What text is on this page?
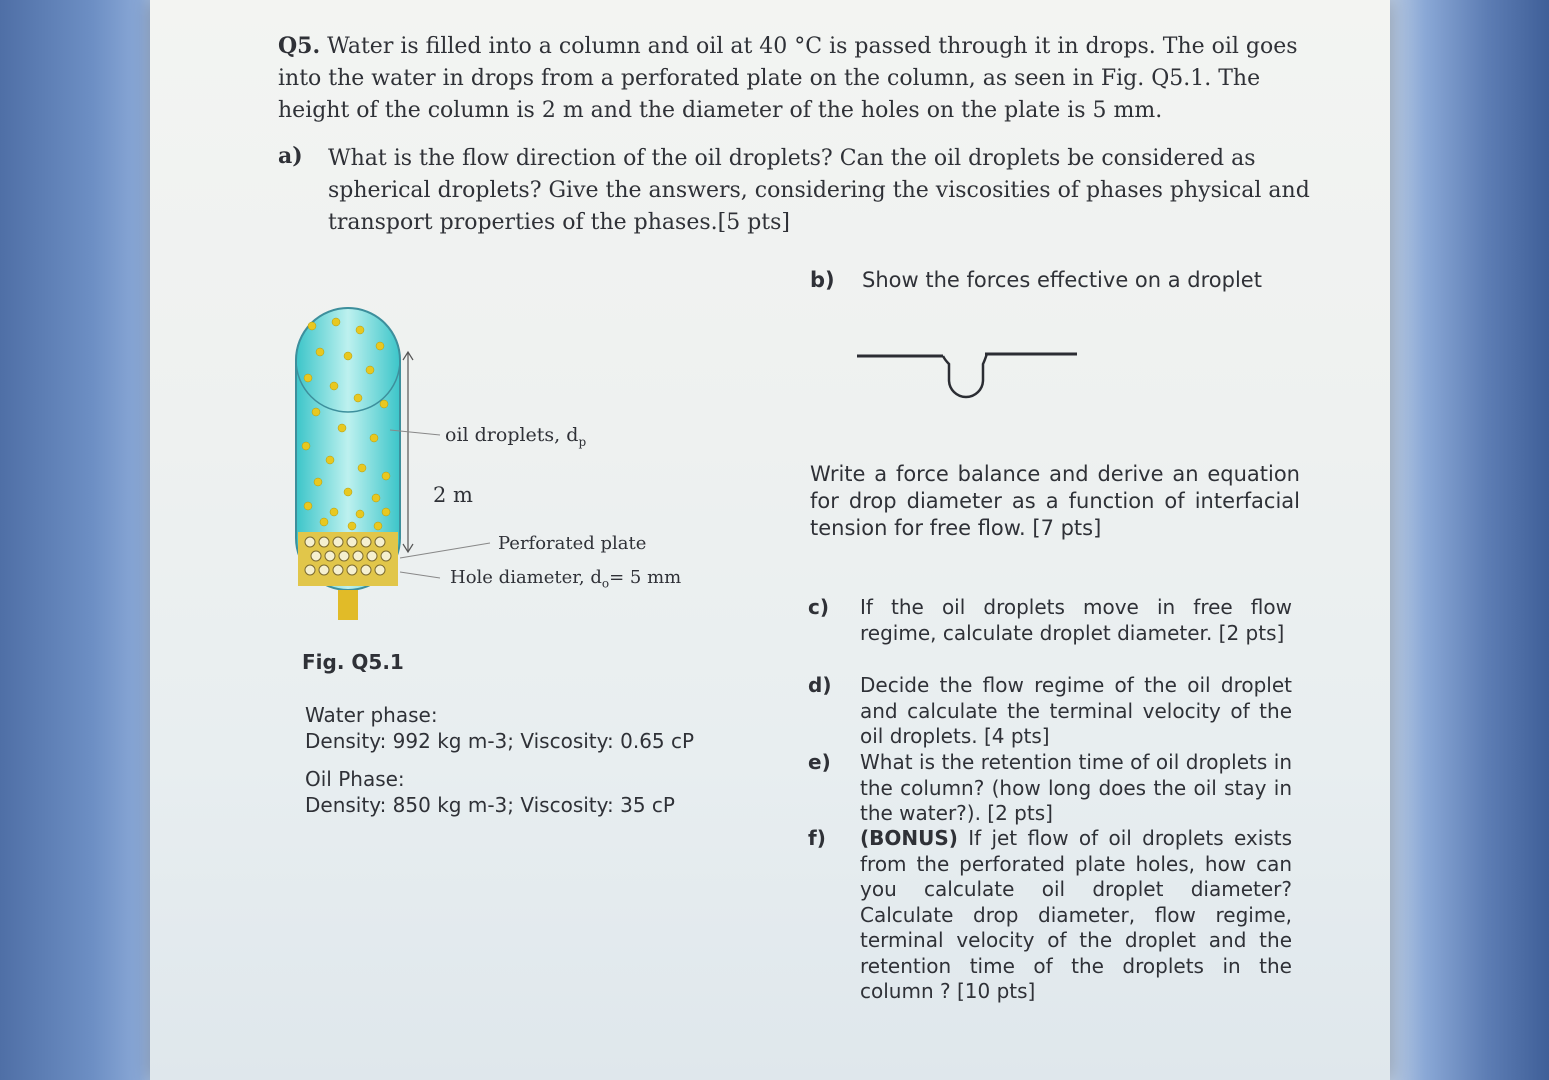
Q5. Water is filled into a column and oil at 40 °C is passed through it in drops. The oil goes into the water in drops from a perforated plate on the column, as seen in Fig. Q5.1. The height of the column is 2 m and the diameter of the holes on the plate is 5 mm.
a) What is the flow direction of the oil droplets? Can the oil droplets be considered as spherical droplets? Give the answers, considering the viscosities of phases physical and transport properties of the phases.[5 pts]
b) Show the forces effective on a droplet
Write a force balance and derive an equation for drop diameter as a function of interfacial tension for free flow. [7 pts]
oil droplets, $d_p$
2 m
Perforated plate
Hole diameter, $d_o= 5$ mm
Fig. Q5.1
Water phase:
Density: 992 kg m-3; Viscosity: 0.65 cP
Oil Phase:
Density: 850 kg m-3; Viscosity: 35 cP
c) If the oil droplets move in free flow regime, calculate droplet diameter. [2 pts]
d) Decide the flow regime of the oil droplet and calculate the terminal velocity of the oil droplets. [4 pts]
e) What is the retention time of oil droplets in the column? (how long does the oil stay in the water?). [2 pts]
f) (BONUS) If jet flow of oil droplets exists from the perforated plate holes, how can you calculate oil droplet diameter? Calculate drop diameter, flow regime, terminal velocity of the droplet and the retention time of the droplets in the column ? [10 pts]
